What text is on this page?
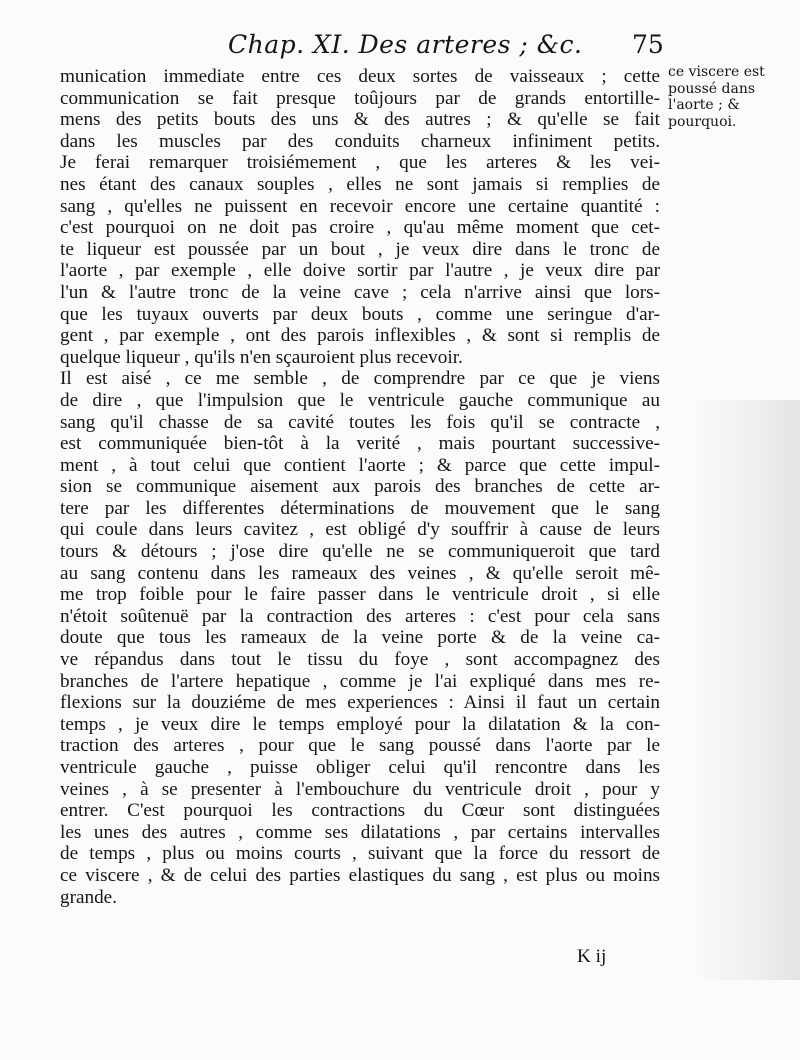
Chap. XI. Des arteres ; &c. 75
ce viscere est
poussé dans
l'aorte ; &
pourquoi.
munication immediate entre ces deux sortes de vaisseaux ; cette
communication se fait presque toûjours par de grands entortille-
mens des petits bouts des uns & des autres ; & qu'elle se fait
dans les muscles par des conduits charneux infiniment petits.
Je ferai remarquer troisiémement , que les arteres & les vei-
nes étant des canaux souples , elles ne sont jamais si remplies de
sang , qu'elles ne puissent en recevoir encore une certaine quantité :
c'est pourquoi on ne doit pas croire , qu'au même moment que cet-
te liqueur est poussée par un bout , je veux dire dans le tronc de
l'aorte , par exemple , elle doive sortir par l'autre , je veux dire par
l'un & l'autre tronc de la veine cave ; cela n'arrive ainsi que lors-
que les tuyaux ouverts par deux bouts , comme une seringue d'ar-
gent , par exemple , ont des parois inflexibles , & sont si remplis de
quelque liqueur , qu'ils n'en sçauroient plus recevoir.
Il est aisé , ce me semble , de comprendre par ce que je viens
de dire , que l'impulsion que le ventricule gauche communique au
sang qu'il chasse de sa cavité toutes les fois qu'il se contracte ,
est communiquée bien-tôt à la verité , mais pourtant successive-
ment , à tout celui que contient l'aorte ; & parce que cette impul-
sion se communique aisement aux parois des branches de cette ar-
tere par les differentes déterminations de mouvement que le sang
qui coule dans leurs cavitez , est obligé d'y souffrir à cause de leurs
tours & détours ; j'ose dire qu'elle ne se communiqueroit que tard
au sang contenu dans les rameaux des veines , & qu'elle seroit mê-
me trop foible pour le faire passer dans le ventricule droit , si elle
n'étoit soûtenuë par la contraction des arteres : c'est pour cela sans
doute que tous les rameaux de la veine porte & de la veine ca-
ve répandus dans tout le tissu du foye , sont accompagnez des
branches de l'artere hepatique , comme je l'ai expliqué dans mes re-
flexions sur la douziéme de mes experiences : Ainsi il faut un certain
temps , je veux dire le temps employé pour la dilatation & la con-
traction des arteres , pour que le sang poussé dans l'aorte par le
ventricule gauche , puisse obliger celui qu'il rencontre dans les
veines , à se presenter à l'embouchure du ventricule droit , pour y
entrer. C'est pourquoi les contractions du Cœur sont distinguées
les unes des autres , comme ses dilatations , par certains intervalles
de temps , plus ou moins courts , suivant que la force du ressort de
ce viscere , & de celui des parties elastiques du sang , est plus ou moins
grande.
K ij
